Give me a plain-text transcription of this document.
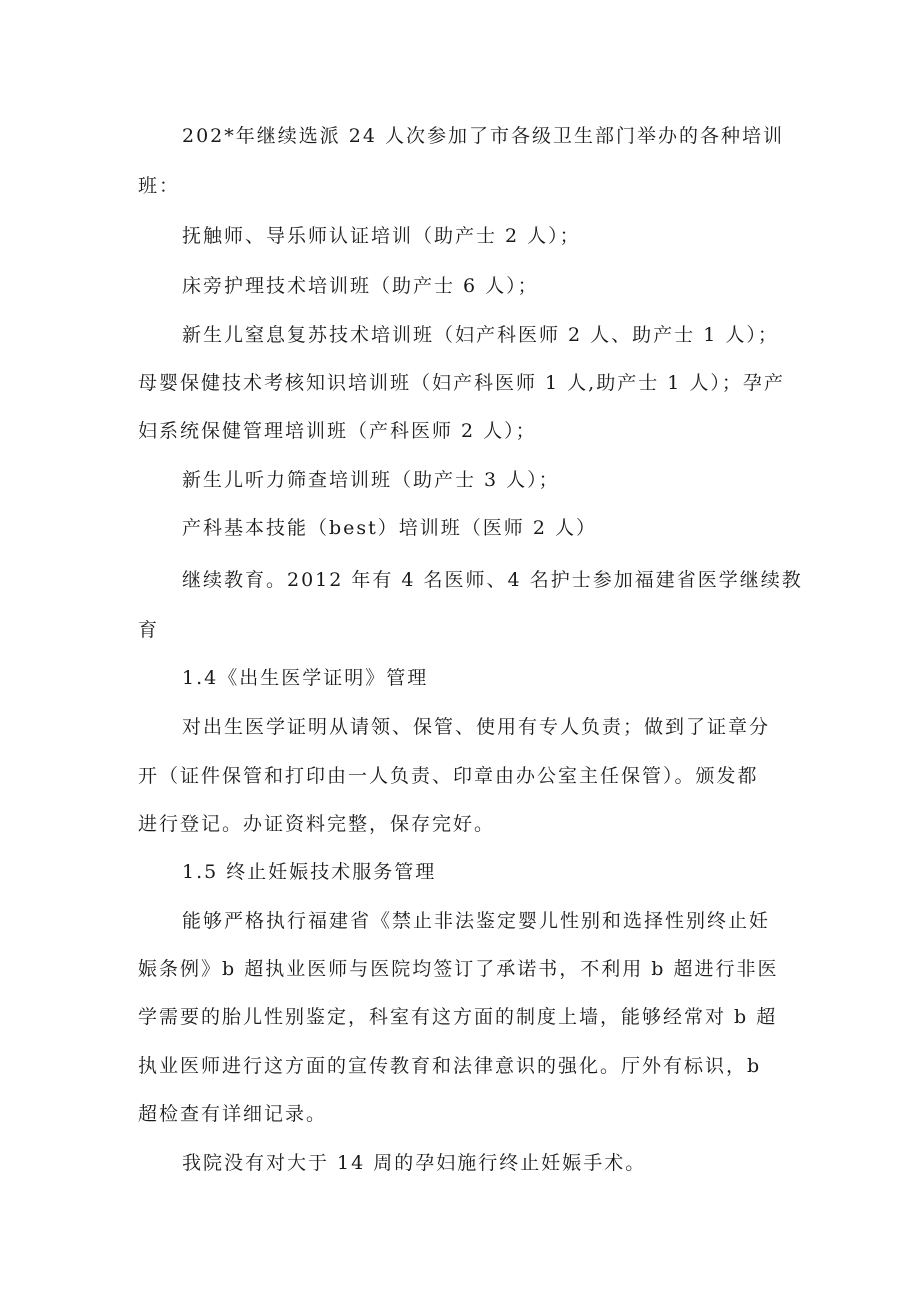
202*年继续选派 24 人次参加了市各级卫生部门举办的各种培训

班：

抚触师、导乐师认证培训（助产士 2 人）；

床旁护理技术培训班（助产士 6 人）；

新生儿窒息复苏技术培训班（妇产科医师 2 人、助产士 1 人）；

母婴保健技术考核知识培训班（妇产科医师 1 人,助产士 1 人）；孕产

妇系统保健管理培训班（产科医师 2 人）；

新生儿听力筛查培训班（助产士 3 人）；

产科基本技能（best）培训班（医师 2 人）

继续教育。2012 年有 4 名医师、4 名护士参加福建省医学继续教

育

1.4《出生医学证明》管理

对出生医学证明从请领、保管、使用有专人负责；做到了证章分

开（证件保管和打印由一人负责、印章由办公室主任保管）。颁发都

进行登记。办证资料完整，保存完好。

1.5 终止妊娠技术服务管理

能够严格执行福建省《禁止非法鉴定婴儿性别和选择性别终止妊

娠条例》b 超执业医师与医院均签订了承诺书，不利用 b 超进行非医

学需要的胎儿性别鉴定，科室有这方面的制度上墙，能够经常对 b 超

执业医师进行这方面的宣传教育和法律意识的强化。厅外有标识，b

超检查有详细记录。

我院没有对大于 14 周的孕妇施行终止妊娠手术。
